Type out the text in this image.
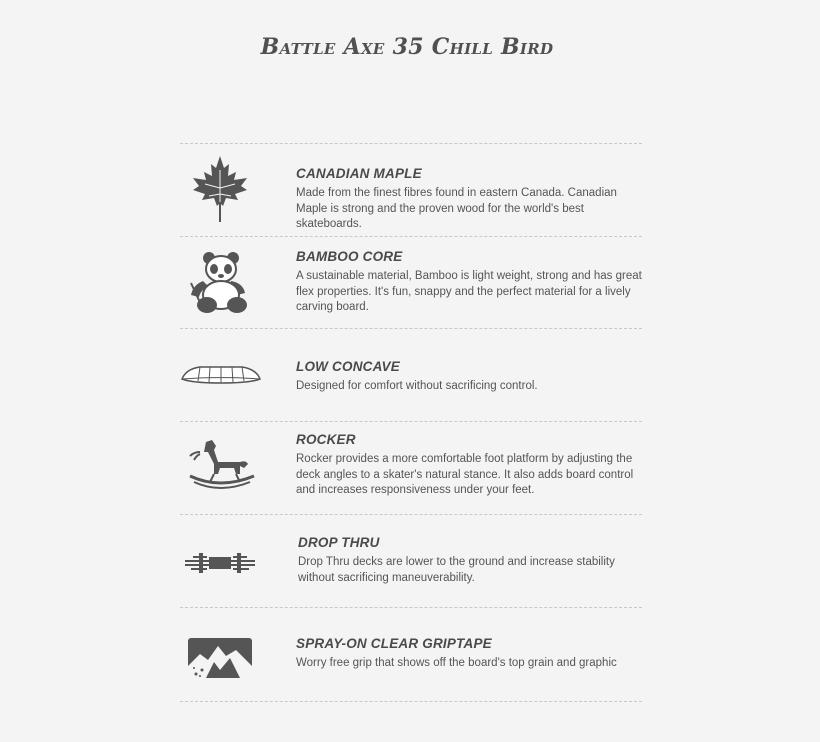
Battle Axe 35 Chill Bird
CANADIAN MAPLE

Made from the finest fibres found in eastern Canada. Canadian Maple is strong and the proven wood for the world's best skateboards.

BAMBOO CORE

A sustainable material, Bamboo is light weight, strong and has great flex properties. It's fun, snappy and the perfect material for a lively carving board.

LOW CONCAVE

Designed for comfort without sacrificing control.

ROCKER

Rocker provides a more comfortable foot platform by adjusting the deck angles to a skater's natural stance. It also adds board control and increases responsiveness under your feet.

DROP THRU

Drop Thru decks are lower to the ground and increase stability without sacrificing maneuverability.

SPRAY-ON CLEAR GRIPTAPE

Worry free grip that shows off the board's top grain and graphic
